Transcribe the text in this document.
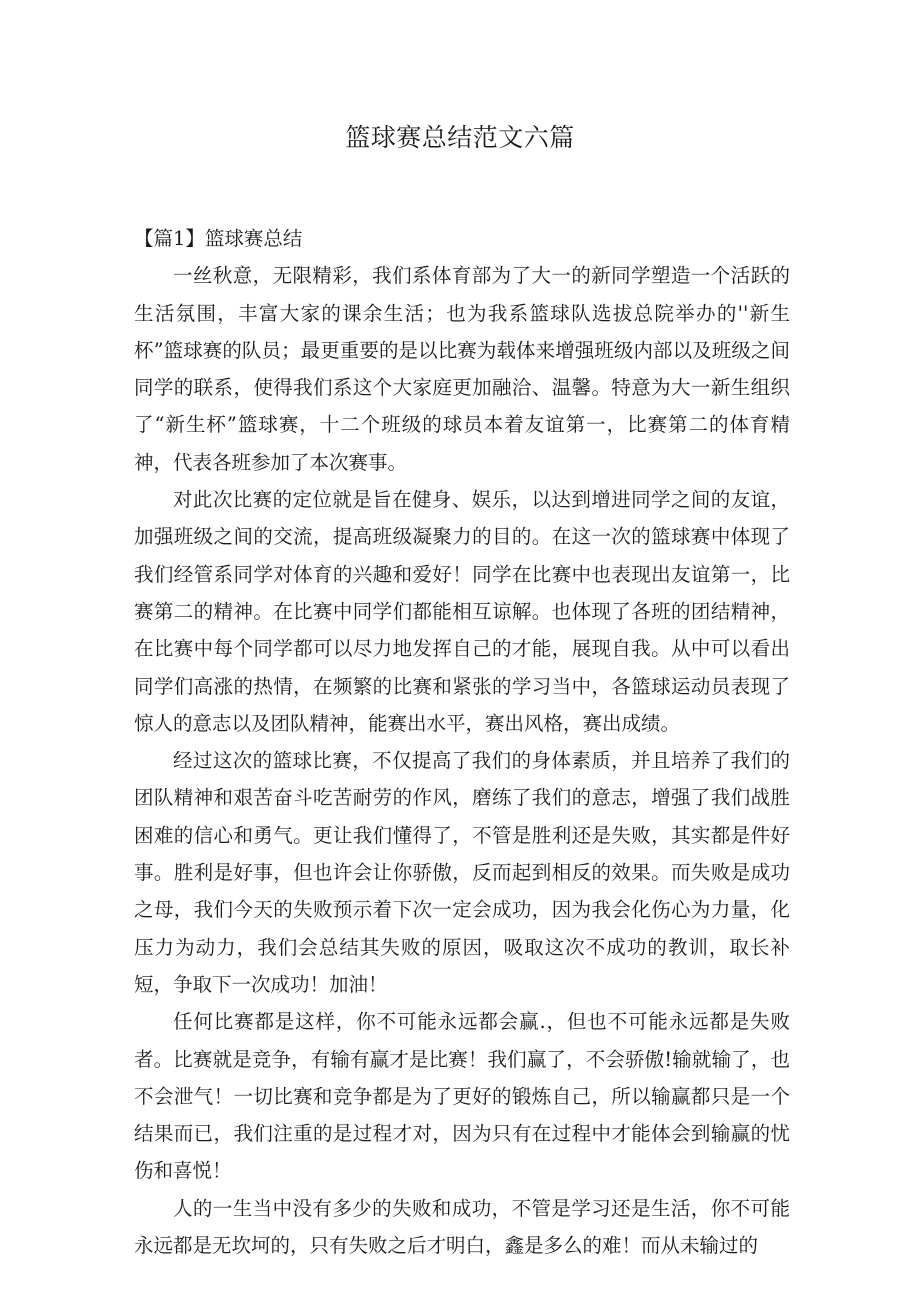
篮球赛总结范文六篇

【篇1】篮球赛总结

一丝秋意，无限精彩，我们系体育部为了大一的新同学塑造一个活跃的生活氛围，丰富大家的课余生活；也为我系篮球队选拔总院举办的''新生杯”篮球赛的队员；最更重要的是以比赛为载体来增强班级内部以及班级之间同学的联系，使得我们系这个大家庭更加融洽、温馨。特意为大一新生组织了“新生杯”篮球赛，十二个班级的球员本着友谊第一，比赛第二的体育精神，代表各班参加了本次赛事。

对此次比赛的定位就是旨在健身、娱乐，以达到增进同学之间的友谊，加强班级之间的交流，提高班级凝聚力的目的。在这一次的篮球赛中体现了我们经管系同学对体育的兴趣和爱好！同学在比赛中也表现出友谊第一，比赛第二的精神。在比赛中同学们都能相互谅解。也体现了各班的团结精神，在比赛中每个同学都可以尽力地发挥自己的才能，展现自我。从中可以看出同学们高涨的热情，在频繁的比赛和紧张的学习当中，各篮球运动员表现了惊人的意志以及团队精神，能赛出水平，赛出风格，赛出成绩。

经过这次的篮球比赛，不仅提高了我们的身体素质，并且培养了我们的团队精神和艰苦奋斗吃苦耐劳的作风，磨练了我们的意志，增强了我们战胜困难的信心和勇气。更让我们懂得了，不管是胜利还是失败，其实都是件好事。胜利是好事，但也许会让你骄傲，反而起到相反的效果。而失败是成功之母，我们今天的失败预示着下次一定会成功，因为我会化伤心为力量，化压力为动力，我们会总结其失败的原因，吸取这次不成功的教训，取长补短，争取下一次成功！加油！

任何比赛都是这样，你不可能永远都会赢.，但也不可能永远都是失败者。比赛就是竞争，有输有赢才是比赛！我们赢了，不会骄傲!输就输了，也不会泄气！一切比赛和竞争都是为了更好的锻炼自己，所以输赢都只是一个结果而已，我们注重的是过程才对，因为只有在过程中才能体会到输赢的忧伤和喜悦！

人的一生当中没有多少的失败和成功，不管是学习还是生活，你不可能永远都是无坎坷的，只有失败之后才明白，鑫是多么的难！而从未输过的
